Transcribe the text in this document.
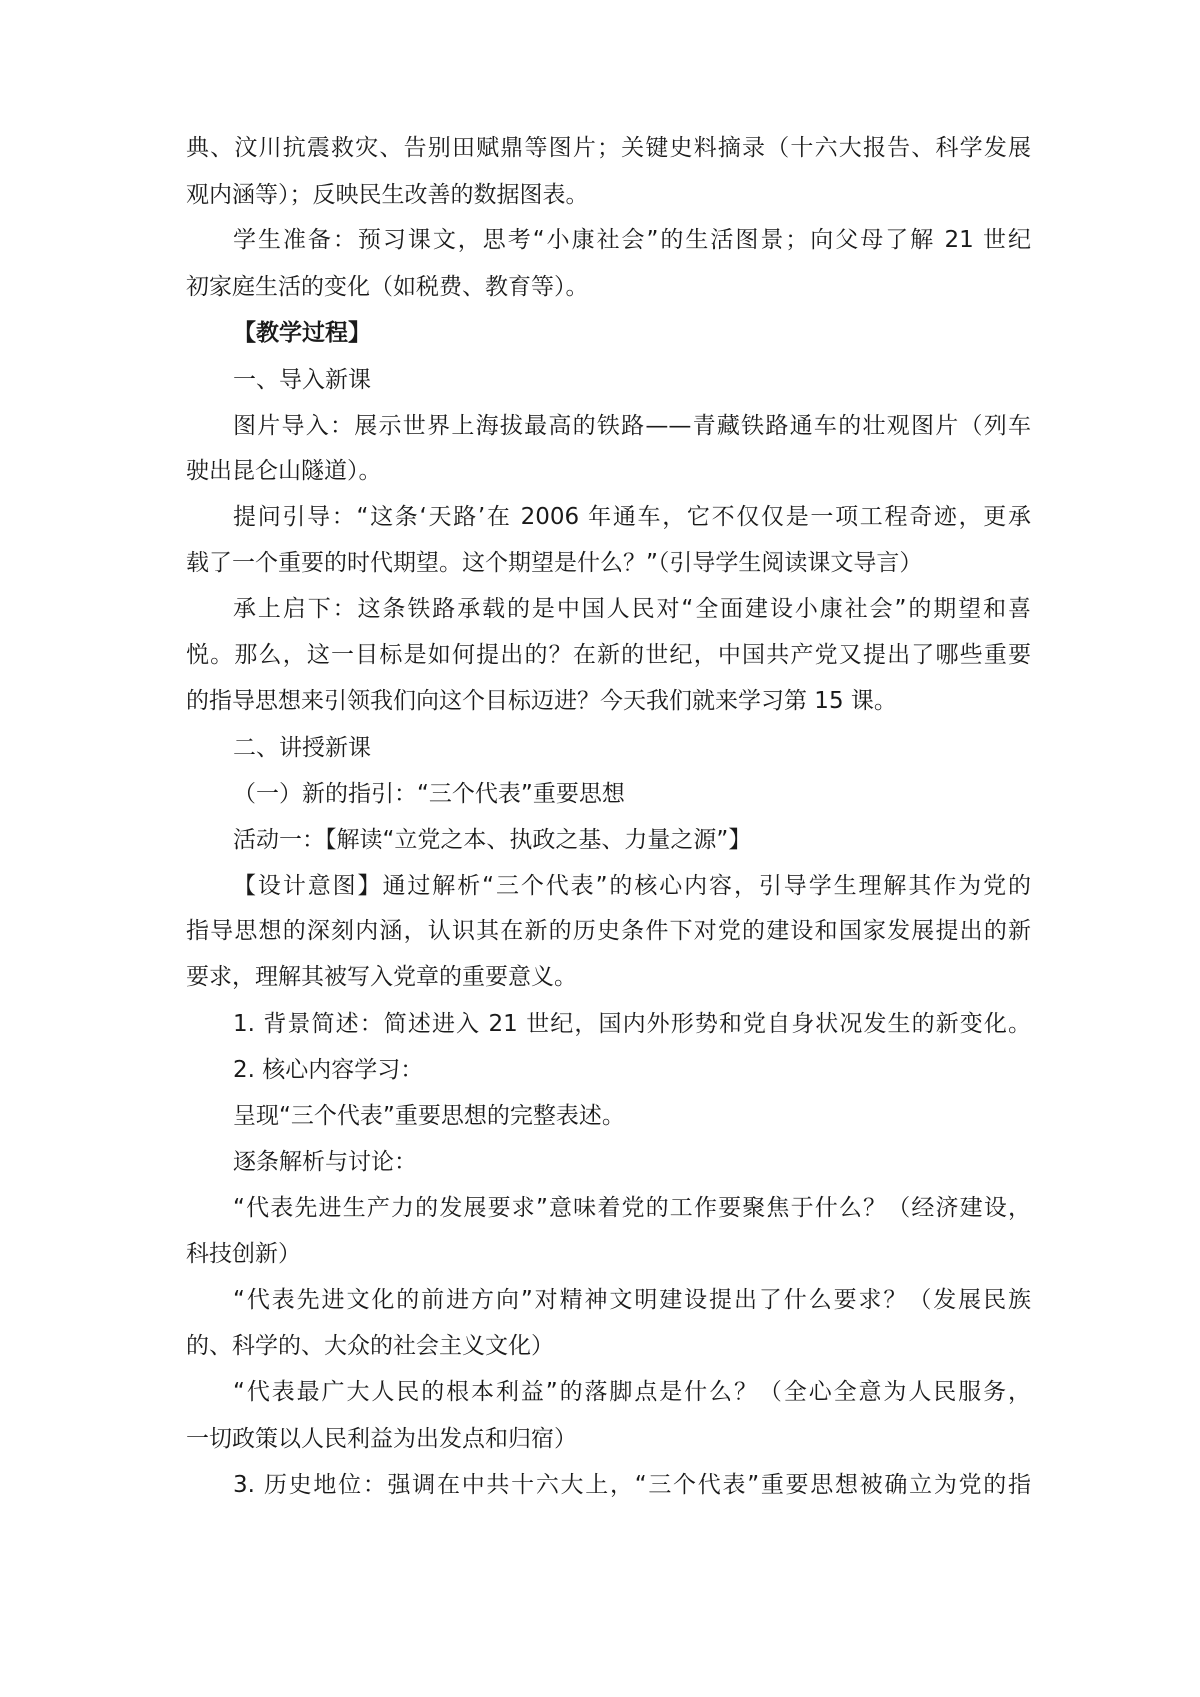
典、汶川抗震救灾、告别田赋鼎等图片；关键史料摘录（十六大报告、科学发展
观内涵等）；反映民生改善的数据图表。
学生准备：预习课文，思考“小康社会”的生活图景；向父母了解 21 世纪
初家庭生活的变化（如税费、教育等）。
【教学过程】
一、导入新课
图片导入：展示世界上海拔最高的铁路——青藏铁路通车的壮观图片（列车
驶出昆仑山隧道）。
提问引导：“这条‘天路’在 2006 年通车，它不仅仅是一项工程奇迹，更承
载了一个重要的时代期望。这个期望是什么？”（引导学生阅读课文导言）
承上启下：这条铁路承载的是中国人民对“全面建设小康社会”的期望和喜
悦。那么，这一目标是如何提出的？在新的世纪，中国共产党又提出了哪些重要
的指导思想来引领我们向这个目标迈进？今天我们就来学习第 15 课。
二、讲授新课
（一）新的指引：“三个代表”重要思想
活动一：【解读“立党之本、执政之基、力量之源”】
【设计意图】通过解析“三个代表”的核心内容，引导学生理解其作为党的
指导思想的深刻内涵，认识其在新的历史条件下对党的建设和国家发展提出的新
要求，理解其被写入党章的重要意义。
1. 背景简述：简述进入 21 世纪，国内外形势和党自身状况发生的新变化。
2. 核心内容学习：
呈现“三个代表”重要思想的完整表述。
逐条解析与讨论：
“代表先进生产力的发展要求”意味着党的工作要聚焦于什么？（经济建设，
科技创新）
“代表先进文化的前进方向”对精神文明建设提出了什么要求？（发展民族
的、科学的、大众的社会主义文化）
“代表最广大人民的根本利益”的落脚点是什么？（全心全意为人民服务，
一切政策以人民利益为出发点和归宿）
3. 历史地位：强调在中共十六大上，“三个代表”重要思想被确立为党的指
